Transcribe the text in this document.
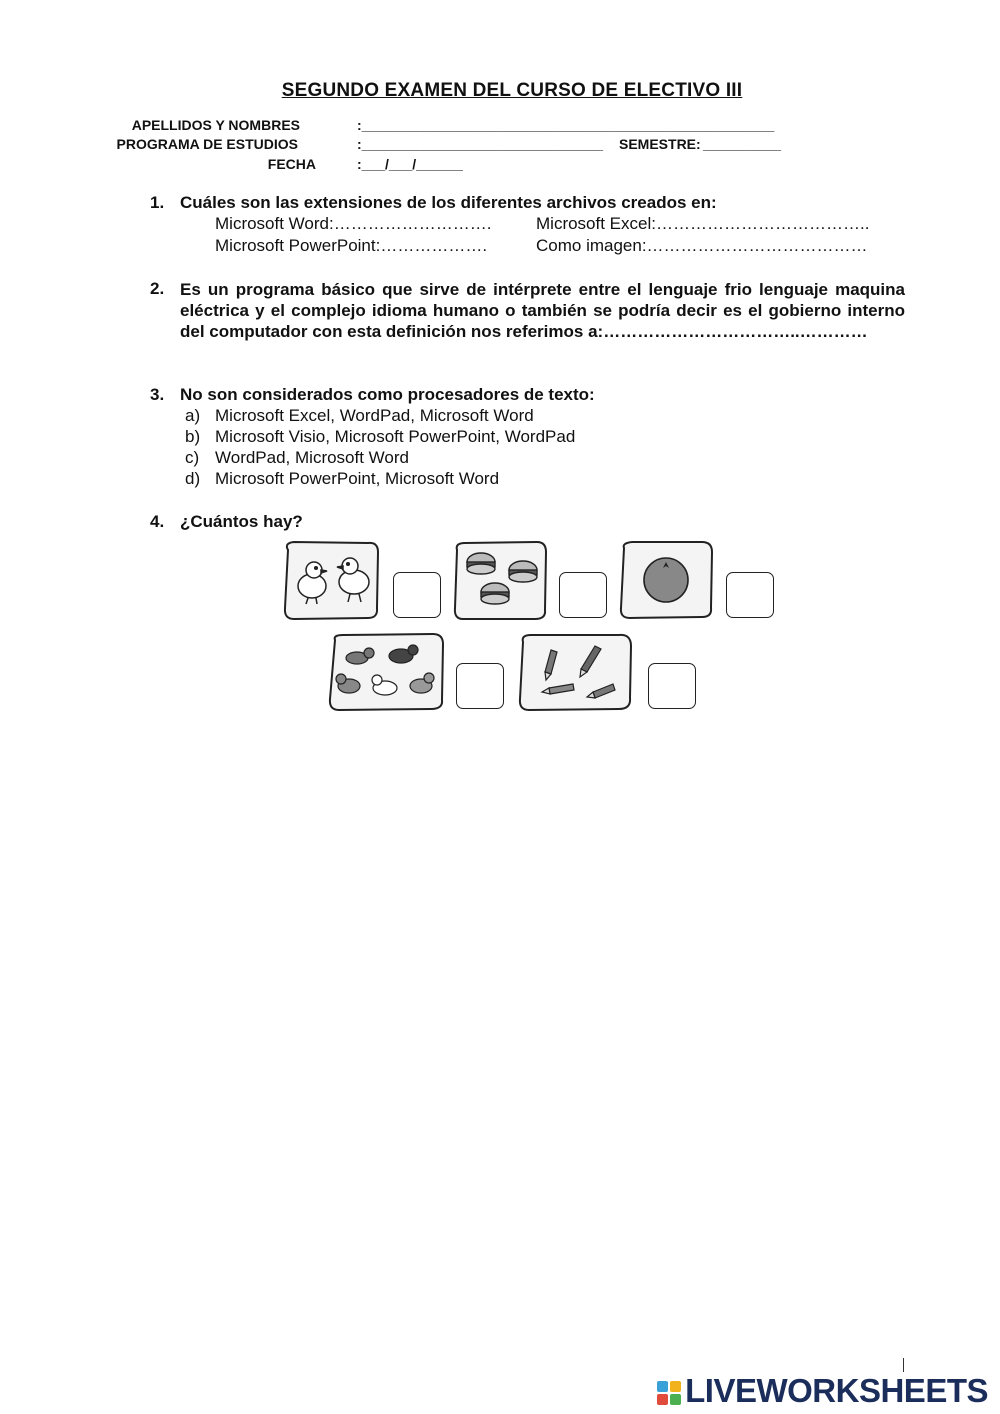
SEGUNDO EXAMEN DEL CURSO DE ELECTIVO III
APELLIDOS Y NOMBRES	:_____________________________________________________
PROGRAMA DE ESTUDIOS	:_______________________________ SEMESTRE: __________
FECHA	:___/___/______
1. Cuáles son las extensiones de los diferentes archivos creados en:
Microsoft Word:……………………….	Microsoft Excel:………………………………..
Microsoft PowerPoint:……………….	Como imagen:…………………………………
2. Es un programa básico que sirve de intérprete entre el lenguaje frio lenguaje maquina eléctrica y el complejo idioma humano o también se podría decir es el gobierno interno del computador con esta definición nos referimos a:……………………………..…………
3. No son considerados como procesadores de texto:
a) Microsoft Excel, WordPad, Microsoft Word
b) Microsoft Visio, Microsoft PowerPoint, WordPad
c) WordPad, Microsoft Word
d) Microsoft PowerPoint, Microsoft Word
4. ¿Cuántos hay?
LIVEWORKSHEETS
